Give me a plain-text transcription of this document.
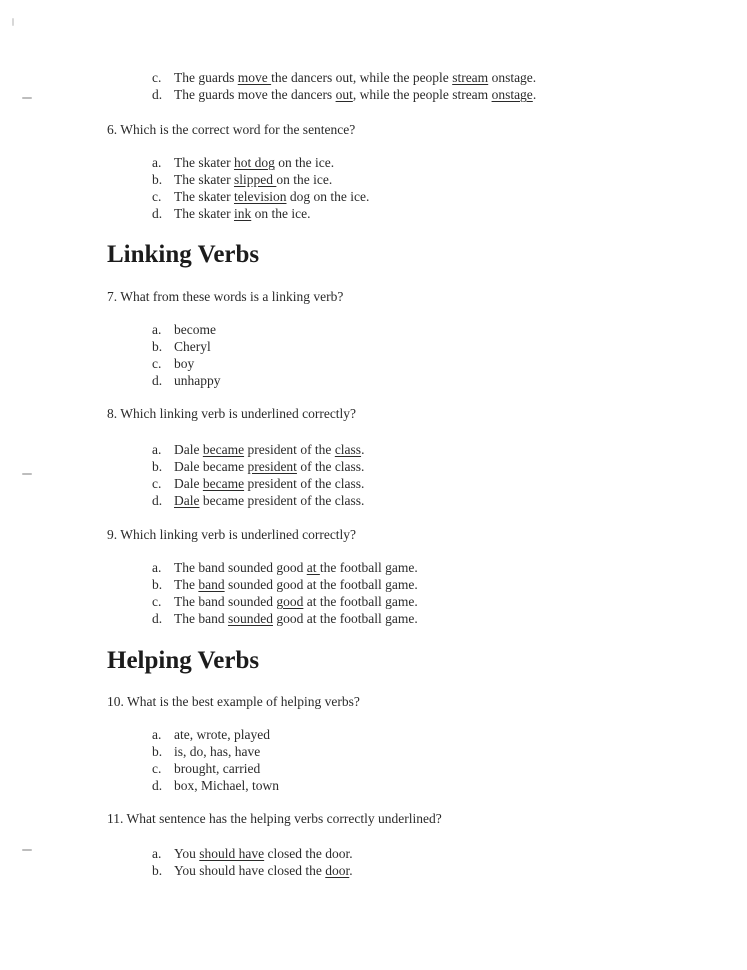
c. The guards move the dancers out, while the people stream onstage.
d. The guards move the dancers out, while the people stream onstage.
6. Which is the correct word for the sentence?
a. The skater hot dog on the ice.
b. The skater slipped on the ice.
c. The skater television dog on the ice.
d. The skater ink on the ice.
Linking Verbs
7. What from these words is a linking verb?
a. become
b. Cheryl
c. boy
d. unhappy
8. Which linking verb is underlined correctly?
a. Dale became president of the class.
b. Dale became president of the class.
c. Dale became president of the class.
d. Dale became president of the class.
9. Which linking verb is underlined correctly?
a. The band sounded good at the football game.
b. The band sounded good at the football game.
c. The band sounded good at the football game.
d. The band sounded good at the football game.
Helping Verbs
10. What is the best example of helping verbs?
a. ate, wrote, played
b. is, do, has, have
c. brought, carried
d. box, Michael, town
11. What sentence has the helping verbs correctly underlined?
a. You should have closed the door.
b. You should have closed the door.
